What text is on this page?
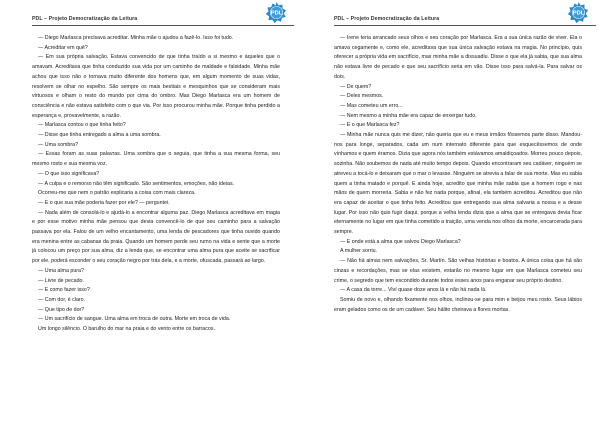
PDL – Projeto Democratização da Leitura
PDL

— Diego Marlasca precisava acreditar. Minha mãe o ajudou a fazê-lo. Isso foi tudo.

— Acreditar em quê?

— Em sua própria salvação. Estava convencido de que tinha traído a si mesmo e àqueles que o amavam. Acreditava que tinha conduzido sua vida por um caminho de maldade e falsidade. Minha mãe achou que isso não o tornava muito diferente dos homens que, em algum momento de suas vidas, resolvem se olhar no espelho. São sempre os mais bestiais e mesquinhos que se consideram mais virtuosos e olham o resto do mundo por cima do ombro. Mas Diego Marlasca era um homem de consciência e não estava satisfeito com o que via. Por isso procurou minha mãe. Porque tinha perdido a esperança e, provavelmente, a razão.

— Marlasca contou o que tinha feito?

— Disse que tinha entregado a alma a uma sombra.

— Uma sombra?

— Essas foram as suas palavras. Uma sombra que o seguia, que tinha a sua mesma forma, seu mesmo rosto e sua mesma voz.

— O que isso significava?

— A culpa e o remorso não têm significado. São sentimentos, emoções, não ideias.

Ocorreu-me que nem o patrão explicaria a coisa com mais clareza.

— E o que sua mãe poderia fazer por ele? — perguntei.

— Nada além de consolá-lo e ajudá-lo a encontrar alguma paz. Diego Marlasca acreditava em magia e por esse motivo minha mãe pensou que devia convencê-lo de que seu caminho para a salvação passava por ela. Falou de um velho encantamento, uma lenda de pescadores que tinha ouvido quando era menina entre as cabanas da praia. Quando um homem perde seu rumo na vida e sente que a morte já colocou um preço por sua alma, diz a lenda que, se encontrar uma alma pura que aceite se sacrificar por ele, poderá esconder o seu coração negro por trás dela, e a morte, ofuscada, passará ao largo.

— Uma alma pura?

— Livre de pecado.

— E como fazer isso?

— Com dor, é claro.

— Que tipo de dor?

— Um sacrifício de sangue. Uma alma em troca de outra. Morte em troca de vida.

Um longo silêncio. O barulho do mar na praia e do vento entre os barracos.

PDL – Projeto Democratização da Leitura
PDL

— Irene teria arrancado seus olhos e seu coração por Marlasca. Era a sua única razão de viver. Ela o amava cegamente e, como ele, acreditava que sua única salvação estava na magia. No princípio, quis oferecer a própria vida em sacrifício, mas minha mãe a dissuadiu. Disse o que ela já sabia, que sua alma não estava livre de pecado e que seu sacrifício seria em vão. Disse isso para salvá-la. Para salvar os dois.

— De quem?

— Deles mesmos.

— Mas cometeu um erro...

— Nem mesmo a minha mãe era capaz de enxergar tudo.

— E o que Marlasca fez?

— Minha mãe nunca quis me dizer, não queria que eu e meus irmãos fôssemos parte disso. Mandou-nos para longe, separados, cada um num internato diferente para que esquecêssemos de onde vínhamos e quem éramos. Dizia que agora nós também estávamos amaldiçoados. Morreu pouco depois, sozinha. Não soubemos de nada até muito tempo depois. Quando encontraram seu cadáver, ninguém se atreveu a tocá-lo e deixaram que o mar o levasse. Ninguém se atrevia a falar de sua morte. Mas eu sabia quem a tinha matado e porquê. E ainda hoje, acredito que minha mãe sabia que a homem rogo e nas mãos de quem morreria. Sabia e não fez nada porque, afinal, ela também acreditou. Acreditou que não era capaz de aceitar o que tinha feito. Acreditou que entregando sua alma salvaria a nossa e a desse lugar. Por isso não quis fugir daqui, porque a velha lenda dizia que a alma que se entregava devia ficar eternamente no lugar em que tinha cometido a traição, uma venda nos olhos da morte, encarcerada para sempre.

— E onde está a alma que salvou Diego Marlasca?

A mulher sorriu.

— Não há almas nem salvações, Sr. Martín. São velhas histórias e boatos. A única coisa que há são cinzas e recordações, mas se elas existem, estarão no mesmo lugar em que Marlasca cometeu seu crime, o segredo que tem escondido durante todos esses anos para enganar seu próprio destino.

— A casa da torre... Viví quase doze anos lá e não há nada lá.

Somiu de novo e, olhando fixamente nos olhos, inclinou-se para mim e beijou meu rosto. Seus lábios eram gelados como os de um cadáver. Seu hálito cheirava a flores mortas.
